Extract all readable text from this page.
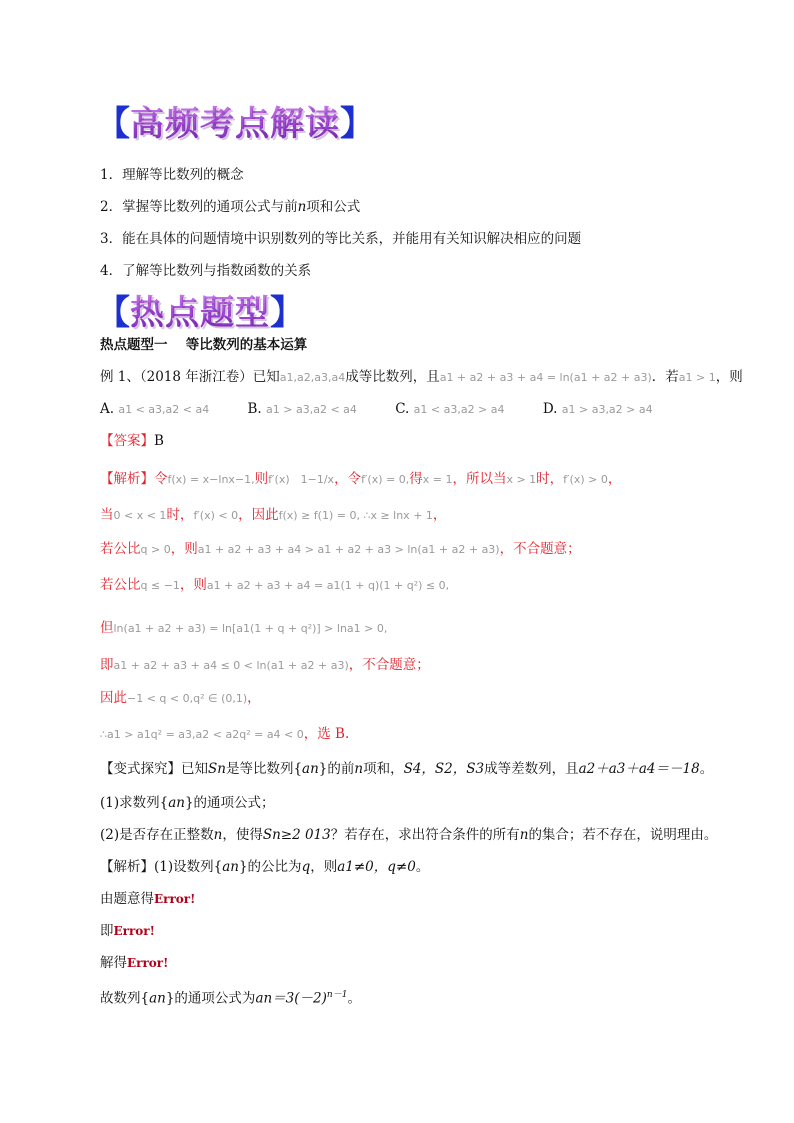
【 高频考点解读 】
1．理解等比数列的概念
2．掌握等比数列的通项公式与前n项和公式
3．能在具体的问题情境中识别数列的等比关系，并能用有关知识解决相应的问题
4．了解等比数列与指数函数的关系
【 热点题型 】
热点题型一　 等比数列的基本运算
例 1、（2018 年浙江卷）已知a1,a2,a3,a4成等比数列，且a1 + a2 + a3 + a4 = ln(a1 + a2 + a3)．若a1 > 1，则
A. a1 < a3,a2 < a4	B. a1 > a3,a2 < a4	C. a1 < a3,a2 > a4	D. a1 > a3,a2 > a4
【答案】B
【解析】令f(x) = x−lnx−1,则f′(x)　1−1/x，令f′(x) = 0,得x = 1，所以当x > 1时，f′(x) > 0，
当0 < x < 1时，f′(x) < 0，因此f(x) ≥ f(1) = 0, ∴x ≥ lnx + 1，
若公比q > 0，则a1 + a2 + a3 + a4 > a1 + a2 + a3 > ln(a1 + a2 + a3)，不合题意；
若公比q ≤ −1，则a1 + a2 + a3 + a4 = a1(1 + q)(1 + q²) ≤ 0,
但ln(a1 + a2 + a3) = ln[a1(1 + q + q²)] > lna1 > 0,
即a1 + a2 + a3 + a4 ≤ 0 < ln(a1 + a2 + a3)，不合题意；
因此−1 < q < 0,q² ∈ (0,1)，
∴a1 > a1q² = a3,a2 < a2q² = a4 < 0，选 B.
【变式探究】已知Sn是等比数列{an}的前n项和，S4，S2，S3成等差数列，且a2＋a3＋a4＝－18。
(1)求数列{an}的通项公式；
(2)是否存在正整数n，使得Sn≥2 013？若存在，求出符合条件的所有n的集合；若不存在，说明理由。
【解析】(1)设数列{an}的公比为q，则a1≠0，q≠0。
由题意得Error!
即Error!
解得Error!
故数列{an}的通项公式为$an=3(-2)^{n-1}$。
